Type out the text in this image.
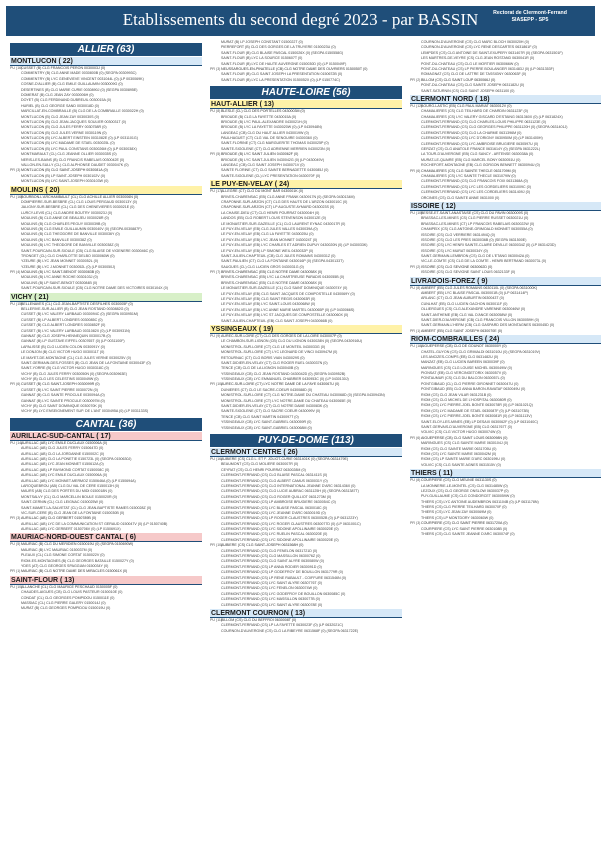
Etablissements du second degré 2023 - par BASSIN	Rectorat de Clermont-Ferrand
SIASEPP - SP5
ALLIER (63)
MONTLUCON ( 22)
PU (16)
CUSSET (B) CLG FRANCOIS PERON 0030003J (0)
COMMENTRY (B) CLG ANNE MADE 0030800B (0) (SEGPA 0030993C)
COMMENTRY (B) LYC GENEVIEVE VINCENT 0031044L (0) (LP 0030069K)
COSNE-D'ALLIER (B) CLG EMILE GUILLAUMIN 0030009G (0)
DESERTINES (B) CLG MARIE CURIE 0030890J (0) (SEGPA 0030895E)
DOMERAT (B) CLG JEAN ZAY 0030006H (0)
DOYET (B) CLG FERDINAND DUBREUIL 0030015A (0)
HURIEL (B) CLG GEORGE SAND 0030018D (0)
MARCILLAT-EN-COMBRAILLE (B) CLG DE LA COMBRAILLE 0030022H (0)
MONTLUCON (B) CLG JEAN ZAY 0030030S (0)
MONTLUCON (B) CLG JEAN-JACQUES SOULIER 0030031T (0)
MONTLUCON (B) CLG JULES FERRY 0030758R (0)
MONTLUCON (B) CLG JULES VERNE 0030119N (0)
MONTLUCON (B) LYC ALBERT EINSTEIN 0031082E (0) (LP 0031101G)
MONTLUCON (B) LYC MADAME DE STAEL 0030025L (0)
MONTLUCON (B) LYC PAUL CONSTANS 0030026M (0) (LP 0030038X)
MONTMARAULT (CL) CLG JEANNE OLLIER 0030035S (0)
NERIS-LES-BAINS (B) CLG FRANCIS RABELAIS 0030042E (0)
VALLON-EN-SULLY (CL) CLG ALPHONSE DAUDET 0030047K (0)
PR (3) MONTLUCON (B) CLG SAINT-JOSEPH 0030081A (0)
MONTLUCON (B) LP SAINT-JOSEPH 0030102V (0)
MONTLUCON (B) LYC SAINT-JOSEPH 0030103W (0)
MOULINS ( 20)
PU (16)
BOURBON-L'ARCHAMBAULT (CL) CLG ACHILLE ALLIER 0030006N (0)
DOMPIERRE-SUR-BESBRE (CL) CLG LOUIS PERGAUD 0030013Y (0)
JALIGNY-SUR-BESBRE (CL) CLG DES CHENEVIERES 0030021E (0)
LURCY-LEVIS (CL) CLG ANDRE BOUTRY 0030023J (0)
MOULINS (B) CLG ANNE DE BEAUJEU 0030028R (0)
MOULINS (B) CLG CHARLES PEGUY 0030039B (0)
MOULINS (B) CLG EMILE GUILLAUMIN 0030040V (0) (SEGPA 0030887F)
MOULINS (B) CLG THEODORE DE BANVILLE 0030036Y (0)
MOULINS (B) LYC BANVILLE 0030038Z (0)
MOULINS (B) LYC THEODORE DE BANVILLE 0030038Z (0)
SAINT-POURCAIN-SUR-SIOULE (CB) CLG BLAISE DE VIGENERE 0030046C (0)
TRONGET (CL) CLG CHARLOTTE DELBO 0030060W (0)
YZEURE (B) LYC JEAN MONNET 0030052L (0)
YZEURE (B) LYC J.MONNET 0030052L (0) (LP 0030050J)
PR (4) MOULINS (B) LYC SAINT-BENOIT 0030083B (0)
MOULINS (B) LYC ANNE ROCHE 0030103J (0)
MOULINS (B) LP SAINT-BENOIT 0030084B (0)
SAINT-POURCAIN-SUR-SIOULE (CB) CLG NOTRE DAME DES VICTOIRES 0030104X (0)
VICHY ( 21)
PU (15)
BELLENAVES (CL) CLG JEAN-BAPTISTE DESFILHES 0030005F (0)
BELLERIVE-SUR-ALLIER (B) CLG JEAN ROSTAND 0030882G (0)
CUSSET (B) LYC VALERY LARBAUD 0030094C (0) (SEGPA 0030951M)
CUSSET (B) LP ALBERT LONDRES 0030085C (0)
CUSSET (B) CLG ALBERT LONDRES 0030852F (0)
CUSSET (B) LYC VALERY LARBAUD 0031082X (0) (LP 0030931N)
GANNAT (B) CLG JOSEPH-HENNEQUIN 0030017B (0)
GANNAT (B) LP GUSTAVE EIFFEL 0030765T (0) (LP 0031100F)
LAPALISSE (B) CLG LUCIEN COLON 0030091Y (0)
LE DONJON (B) CLG VICTOR HUGO 0030011T (0)
LE MAYET-DE-MONTAGNE (CL) CLG JULES VERNE 0030025V (0)
SAINT-GERMAIN-DES-FOSSES (B) CLG JEAN DE LA FONTAINE 0030043F (0)
SAINT-YORRE (B) CLG VICTOR HUGO 0030318C (0)
VICHY (B) CLG JULES FERRY 0030050N (0) (SEGPA 0030963E)
VICHY (B) CLG LES CELESTINS 0030049W (0)
PR (6) CUSSET (B) CLG SAINT-JOSEPH 0030099R (0)
CUSSET (B) LYC SAINT PIERRE 0030072N (0)
GANNAT (B) CLG SAINTE PROCULE 0030094A (0)
GANNAT (B) LYC SAINTE PROCULE 0030097M (0)
VICHY (B) CLG SAINT DOMINIQUE 0030070K (0)
VICHY (B) LYC ENSEIGNEMENT SUP. DE L'ANT 0030495A (0) (LP 0031133S)
CANTAL (36)
AURILLAC-SUD-CANTAL ( 17)
PU (14)
AURILLAC (AB) LYC EMILE DUCLAUX 0150006A (0)
AURILLAC (AB) CLG JULES FERRY 0150647D (0)
AURILLAC (AB) CLG LA JORDANNE 0150002C (0)
AURILLAC (AB) CLG LA PONETIE 0150723L (0) (SEGPA 0150630J)
AURILLAC (AB) LYC JEAN MONNET 0150612A (0)
AURILLAC (AB) LP RAYMOND CORTAT 0150008C (0)
AURILLAC (AB) LYC EMILE DUCLAUX 0150006A (0)
AURILLAC (AB) LYC MONNET-MERMOZ 0150646A (0) (LP 0150694A)
LAROQUEBROU (AB) CLG DU VAL DE CERE 0150013H (0)
MAURS (AB) CLG DES PORTES DU MIDI 0150018N (0)
MONTSALVY (CL) CLG MARCELLIN BOULE 0150020R (0)
SAINT-CERNIN (CL) CLG LEIGNAC 0150025W (0)
SAINT-MAMET-LA-SALVETAT (CL) CLG JEAN-BAPTISTE RAMES 0150028Z (0)
VIC-SUR-CERE (B) CLG JEAN DE LA FONTAINE 0150030B (0)
PR (3) AURILLAC (AB) CLG GERBERT 0150789B (0)
AURILLAC (AB) LYC DE LA COMMUNICATION ST GERAUD 0150047V (0) (LP 0150740B)
AURILLAC (AB) LYC GERBERT 0150706V (0) (LP 0150691X)
MAURIAC-NORD-OUEST CANTAL ( 6)
PU (5) MAURIAC (B) CLG DU MERIDIEN 0150019U (0) (SEGPA 0150690W)
MAURIAC (B) LYC MAURIAC 0150037M (0)
PLEAUX (CL) CLG SIMONE CORTAT 0150022V (0)
RIOM-ES-MONTAGNES (B) CLG GEORGES BATAILLE 0150027Y (0)
YDES (AT) CLG GEORGES SPAGGIAN 0150034Y (0)
PR (1) MAURIAC (B) CLG NOTRE DAME DES MIRACLES 0150061X (0)
SAINT-FLOUR ( 13)
PU (10)
ALLANCHE (CL) CLG MAURICE PESCHAUD 0150005F (0)
CHAUDES-AIGUES (CB) CLG LOUIS PASTEUR 0150010E (0)
CONDAT (CL) CLG GEORGES POMPIDOU 0150011E (0)
MASSIAC (CL) CLG PIERRE GALERY 0150014J (0)
MURAT (B) CLG GEORGES POMPIDOU 0150019U (0)
MURAT (B) LP JOSEPH CONSTANT 0150022T (0)
PIERREFORT (B) CLG DES GORGES DE LA TRUYERE 0150023U (0)
SAINT-FLOUR (B) CLG BLAISE PASCAL 0150026X (0) (SEGPA 0150558G)
SAINT-FLOUR (B) LYC LA SOURCE 0150607T (0)
SAINT-FLOUR (B) LYC DE HAUTE AUVERGNE 0150030D (0) (LP 0150049F)
PR (3) NEUSSARGUES-EN-PINATELLE (CB) CLG NOTRE DAME DES OUVRIERS 0150050T (0)
SAINT-FLOUR (B) CLG SAINT JOSEPH LA PRESENTATION 0150672B (0)
SAINT-FLOUR (B) LYC LA PRESENTATION 0150052X (0) (LP 0150774C)
HAUTE-LOIRE (56)
HAUT-ALLIER ( 13)
PU (8) BLESLE (CL) CLG DES PORTELLES 0430003M (0)
BRIOUDE (B) CLG LA FAYETTE 0430015A (0)
BRIOUDE (B) LYC PAUL-ALEXANDRE 0430021H (0)
BRIOUDE (B) LYC LA FAYETTE 0430020W (0) (LP 0430948N)
LANGEAC (CB) CLG DU HAUT ALLIER 0430019W (0)
PAULHAGUET (CT) CLG VAL DE SENOUIRE 0430036X (0)
SAINT-FLORINE (CT) CLG MARGUERITE THOMAS 0430025P (0)
SAINTE-SIGOLENE (CT) CLG ADRIENNE MERRIEN 0430023N (0)
PR (5) BRIOUDE (B) LYC SAINT JULIEN 0430062F (0)
BRIOUDE (B) LYC SAINT-JULIEN 0430042G (0) (LP 0430049V)
LANGEAC (CB) CLG SAINT JOSEPH 0430071V (0)
SAINTE FLORINE (CT) CLG SAINTE BERNADETTE 0430085J (0)
SAINTE-SIGOLENE (CL) LYC PRESENTATION 0430070F (0)
LE PUY-EN-VELAY ( 24)
PU (17)
ALLEGRE (CT) CLG DU MONT BAR 0430001K (0)
BRIVES-CHARENSAC (EB) CLG ANNE FRANK 0430917N (0) (SEGPA 0430134M)
CRAPONNE-SUR-ARZON (CT) CLG DES HAUTS DE L'ARZON 0430010C (0)
CRAPONNE-SUR-ARZON (CT) LP AUGUSTE AYMARD 0430023S (0)
LA CHAISE-DIEU (CT) CLG HENRI POURRAT 0430004H (0)
LANDOS (EB) CLG ROBERT LOUIS STEVENSON 0430012E (0)
LE MONASTIER-SUR-GAZEILLE (CL) CLG LAURENT EYNAC 0430017R (0)
LE PUY-EN-VELAY (EB) CLG JULES VALLES 0430039A (0)
LE PUY-EN-VELAY (EB) CLG LA FAYETTE 0430025U (0)
LE PUY-EN-VELAY (EB) LYC JEAN MONNET 0430024T (0)
LE PUY-EN-VELAY (EB) LYC CHARLES ET ADRIEN DUPUY 0430020N (0) (LP 0430033K)
LE PUY-EN-VELAY (EB) LP SIMONE WEIL 0430032P (0)
SAINT-JULIEN-CHAPTEUIL (CB) CLG JULES ROMAINS 0430031Z (0)
SAINT-PAULIEN (CT) CLG LA FONTAINE 0430016P (0) (SEGPA 0430133T)
SAUGUES (CL) CLG LUCIEN GROS 0430031G (0)
PR (7) BRIVES-CHARENSAC (EB) CLG NOTRE DAME 0430058X (0)
BRIVES-CHARENSAC (EB) LYC LA CHARTREUSE PARADIS 0430055B (0)
BRIVES-CHARENSAC (EB) CLG NOTRE DAME 0430068X (0)
LE MONASTIER-SUR-GAZEILLE (CL) CLG SAINT DOMINIQUE 0430074Y (0)
LE PUY-EN-VELAY (EB) CLG SAINT JACQUES DE COMPOSTELLE 0430069Y (0)
LE PUY-EN-VELAY (EB) CLG SAINT REGIS 0430063R (0)
LE PUY-EN-VELAY (EB) LYC SAINT-LOUIS 0430068W (0)
LE PUY-EN-VELAY (EB) LYC ANNE MARIE MARTEL 0430065P (0) (LP 0430066S)
LE PUY-EN-VELAY (EB) LYC ST JACQUES DE COMPOSTELLE 0430060X (0)
SAINT-JULIEN-CHAPTEUIL (EB) CLG SAINT JOSEPH 0430066B (0)
YSSINGEAUX ( 19)
PU (9) AUREC-SUR-LOIRE (CT) CLG DES GORGES DE LA LOIRE 0430007P (0)
LE CHAMBON-SUR-LIGNON (CB) CLG DU LIGNON 0430028N (0) (SEGPA 0430916U)
MONISTROL-SUR-LOIRE (CT) CLG LE MONTEIL 0430033G (0)
MONISTROL-SUR-LOIRE (CT) LYC LEONARD DE VINCI 0430947M (0)
RETOURNAC (CT) CLG BORIS VIAN 0430029S (0)
SAINT-DIDIER-EN-VELAY (CT) CLG ROGER RUEL 0430037N (0)
TENCE (CB) CLG DE LA LIGNON 0430040B (0)
YSSINGEAUX (CB) CLG JEAN ROSTAND 0430042D (0) (SEGPA 0430952B)
YSSINGEAUX (CB) LYC EMMANUEL CHABRIER 0430953C (0) (LP 0430130J)
PR (10)
AUREC-SUR-LOIRE (CT) LYC NOTRE DAME DE LA FAYE 0430067U (0)
DUNIERES (CT) CLG LE SACRE-COEUR 0430088D (0)
MONISTROL-SUR-LOIRE (CT) CLG NOTRE-DAME DU CHATEAU 0430068D (0) (SEGPA 0430943N)
MONISTROL-SUR-LOIRE (CT) LYC NOTRE-DAME DU CHATEAU 0430065E (0)
SAINT-DIDIER-EN-VELAY (CT) CLG NOTRE DAME 0430083K (0)
SAINTE-SIGOLENE (CT) CLG SACRE COEUR 0430099V (0)
TENCE (CB) CLG SAINT MARTIN 0430097T (0)
YSSINGEAUX (CB) LYC SAINT-GABRIEL 0430059R (0)
YSSINGEAUX (CB) LYC SAINT-GABRIEL 0430068M (0)
PUY-DE-DOME (113)
CLERMONT CENTRE ( 26)
PU (16)
AUBIERE (CS) CLG L. ET F. JOLIOT-CURIE 0631401K (0) (SEGPA 0631479E)
BEAUMONT (CS) CLG MOLIERE 0630007R (0)
CEYRAT (CS) CLG HENRI POURRAT 0630028M (0)
CLERMONT-FERRAND (CS) CLG BLAISE PASCAL 0631411S (0)
CLERMONT-FERRAND (CS) CLG ALBERT CAMUS 0630031Y (0)
CLERMONT-FERRAND (CS) CLG INTERNATIONAL JEANNE D'ARC 0631436X (0)
CLERMONT-FERRAND (CS) CLG LUCIE AUBRAC 0631125H (0) (SEGPA 0631387T)
CLERMONT-FERRAND (CS) CLG ROGER QUILLIOT 0631273M (0)
CLERMONT-FERRAND (CS) LP AMBROISE BRUGIERE 0630054C (0)
CLERMONT-FERRAND (CS) LYC BLAISE PASCAL 0630018C (0)
CLERMONT-FERRAND (CS) LYC JEANNE D'ARC 0630019D (0)
CLERMONT-FERRAND (CS) LP ROGER CLAUSTRES 0630052B (0) (LP 0631223Y)
CLERMONT-FERRAND (CS) LYC ROGER CLAUSTRES 0630077D (0) (LP 0631001C)
CLERMONT-FERRAND (CS) LYC SIDOINE APOLLINAIRE 0630020E (0)
CLERMONT-FERRAND (CS) LYC RUELIN PASCAL 0630020E (0)
CLERMONT-FERRAND (CS) LYC SIDOINE APOLLINAIRE 0630020E (0)
PR (10)
AUBIERE (CS) CLG SAINT-JOSEPH 0631568H (0)
CLERMONT-FERRAND (CS) CLG FENELON 0631721D (0)
CLERMONT-FERRAND (CS) CLG MASSILLON 0630076Z (0)
CLERMONT-FERRAND (CS) CLG SAINT ALYRE 0630080W (0)
CLERMONT-FERRAND (CS) LP ANNA RODIER 0630091D (0)
CLERMONT-FERRAND (CS) LP GODEFROY DE BOUILLON 0631779R (0)
CLERMONT-FERRAND (CS) LP RENE RABAULT - COIFFURE 0631546N (0)
CLERMONT-FERRAND (CS) LYC SAINT ALYRE 0630776T (0)
CLERMONT-FERRAND (CS) LYC FENELON 0630074W (0)
CLERMONT-FERRAND (CS) LYC GODEFROY DE BOUILLON 0630085C (0)
CLERMONT-FERRAND (CS) LYC MASSILLON 0630077B (0)
CLERMONT-FERRAND (CS) LYC SAINT ALYRE 0630078E (0)
CLERMONT COURNON ( 13)
PU (11)
BILLOM (CS) CLG DU BEFFROI 0630008T (0)
CLERMONT-FERRAND (CS) LP LA FAYETTE 0630023F (0) (LP 0632021C)
COURNON-D'AUVERGNE (CS) CLG LA RIBEYRE 0631568F (0) (SEGPA 0631722E)
COURNON-D'AUVERGNE (CS) CLG MARC BLOCH 0630020H (0)
COURNON-D'AUVERGNE (CS) LYC RENE DESCARTES 0631861F (0)
LEMPDES (CS) CLG ANTOINE DE SAINT-EXUPERY 0631407R (0) (SEGPA 0631501F)
LES MARTRES-DE-VEYRE (CS) CLG JEAN ROSTAND 0630041R (0)
PONT-DU-CHATEAU (CS) CLG LE MORTIER 0630066W (0)
PONT-DU-CHATEAU (CS) LP PIERRE BOULANGER 0631483J (0) (LP 0631353F)
ROMAGNAT (CS) CLG DE LATTRE DE TASSIGNY 0630063F (0)
PR (2) BILLOM (CS) CLG SAINT LOUP 0630066J (0)
PONT-DU-CHATEAU (CS) CLG SAINTE JOSEPH 0631182U (0)
SAINT-SATURNIN (CS) CLG SAINT JOSEPH 0631100 (0)
CLERMONT NORD ( 18)
PU (12)
BOURG-LASTIC (EB) CLG PAUL MARIAT 0630012V (0)
CHAMALIERES (CS) CLG TEILHARD DE CHARDIN 0631123F (0)
CHAMALIERES (CS) LYC VALERY GISCARD D'ESTAING 0631360X (0) (LP 0631824X)
CLERMONT-FERRAND (CS) CLG CHARLES-LOUIS PHILIPPE 0631123E (0)
CLERMONT-FERRAND (CS) CLG GEORGES PHILIPPE 0631120H (0) (SEGPA 0631401J)
CLERMONT-FERRAND (CS) CLG LA CHARME 0631396M (0)
CLERMONT-FERRAND (CS) LYC D'ORIGNY 0630950M (0) (LP 0631400H)
CLERMONT-FERRAND (CS) LYC AMBROISE BRUGIERE 0630597U (0)
GERZAT (CS) CLG ANATOLE FRANCE 0631614Y (0) (SEGPA 0631222L)
LA TOUR-D'AUVERGNE (EB) CLG SANCY - ARTENSE 0630038A (0)
MURAT-LE-QUAIRE (EB) CLG MARCEL BONY 0630051U (0)
ROCHEFORT-MONTAGNE (EB) CLG GORGON BENNETT 0630094U (0)
PR (6) CHAMALIERES (CS) CLG SAINTE THECLE 0631709M (0)
CHAMALIERES (CS) LYC SAINTE THECLE 0631079W (0)
CLERMONT-FERRAND (CS) CLG FRANCOIS FOIX 0631368A (0)
CLERMONT-FERRAND (CS) LYC LES GORDELIERS 0631009C (0)
CLERMONT-FERRAND (CS) LYC LES CORDELIERS 0631409J (0)
ORCINES (CS) CLG SAINTE ANNE 0631000 (0)
ISSOIRE ( 12)
PU (10)
BESSE-ET-SAINT-ANASTAISE (CS) CLG DU PAVIN 0630009S (0)
BRASSAC-LES-MINES (CS) CLG PIERRE RUSSET 0630021U (0)
BRASSAC-LES-MINES (CT) LP FRANCOIS RABELAIS 0630022W (0)
CHAMPEIX (CS) CLG ANTOINE-GRIMOALD MONNET 0630055A (0)
ISSOIRE (CS) CLG VERRIERE 0631494Q (0)
ISSOIRE (CS) CLG LES PRES 0630036B (0) (SEGPA 0631500E)
ISSOIRE (CS) LYC HENRI SAINTE-CLAIRE DEVILLE 0630034Z (0) (LP 0631423D)
ISSOIRE (CS) LYC MURAT 0630034Y (0)
SAINT-GERMAIN-LEMBRON (CS) CLG DE L'ETANG 0630042A (0)
VIC-LE-COMTE (CS) CLG DE LA COMTE - HENRI BERTRAND 0630073L (0)
PR (2) ISSOIRE (CS) CLG SEVIGNE 0630062D (0)
ISSOIRE (CS) CLG SEVIGNE SAINT LOUIS 0632133F (0)
LIVRADOIS-FOREZ ( 9)
PU (8) AMBERT (EB) CLG JULES ROMAINS 0630110L (0) (SEGPA 0631000K)
AMBERT (EB) LYC BLAISE PASCAL 0630001B (0) (LP 0631414P)
ARLANC (CT) CLG JEAN AUBURTIN 0630043T (0)
CUNLHAT (EB) CLG LUCIEN GACHON 0630011F (0)
OLLIERGUES (CS) CLG ALEXANDRE VARENNE 0630046W (0)
SAINT-ANTHEME (EB) CLG VAL D'ANCE 0630058W (0)
SAINT-DIER-D'AUVERGNE (CB) CLG FRANCOIS VILLON 0630059H (0)
SAINT-GERMAIN-L'HERM (CB) CLG GASPARD DES MONTAGNES 0630045D (0)
PR (1) AMBERT (EB) CLG SAINT JOSEPH 0630070E (0)
RIOM-COMBRAILLES ( 24)
PU (18)
AIGUEPERSE (CB) CLG DE GOUNOT 0630000Y (0)
CHATEL-GUYON (CS) CLG GRIMALDI 0631010U (0) (SEGPA 0631019V)
LES ANCIZES-COMPS (EB) CLG 0631482U (0)
MANZAT (EB) CLG LUCIEN BAREEN 0630039F (0)
MARINGUES (CS) CLG LOUISE MICHEL 0630049W (0)
PIONSAT (EB) CLG VERCINGETORIX 0630057V (0)
PONTAUMUR (CS) CLG DU BALCON 0630057L (0)
PONTGIBAUD (CL) CLG PIERRE GIRONNET 0630047U (0)
PONTGIBAUD (EB) CLG ANNA BARON-RAVATAF 0630049U (0)
RIOM (CS) CLG JEAN VILAR 0631231B (0)
RIOM (CS) CLG MICHEL DE L'HOSPITAL 0630080R (0)
RIOM (CS) LYC PIERRE-JOEL BONTE 0630078R (0) (LP 0631021Q)
RIOM (CS) LYC MADAME DE STAEL 0630087F (0) (LP 0631073B)
RIOM (CS) LYC PIERRE-JOEL BONTE 0630081R (0) (LP 0631113V)
SAINT-ELOY-LES-MINES (EB) LP DESAIX 0630062F (0) (LP 0631040C)
SAINT-GERVAIS-D'AUVERGNE (EB) CLG 0631767T (0)
VOLVIC (CS) CLG VICTOR HUGO 0630074W (0)
PR (6) AIGUEPERSE (CB) CLG SAINT LOUIS 0630098N (0)
MARINGUES (CS) CLG SAINTE MARIE 0630104J (0)
RIOM (CS) CLG SAINTE MARIE 0631705U (0)
RIOM (CS) LYC SAINTE MARIE 0630042M (0)
RIOM (CS) LP SAINTE MARIE D'ARC 0630199U (0)
VOLVIC (CS) CLG SAINTE AGNES 0631515V (0)
THIERS ( 11)
PU (8) COURPIERE (CS) CLG MEUNIE 0631130S (0)
LA MONNERIE-LE-MONTEL (CS) CLG 0631485W (0)
LEZOUX (CS) CLG GEORGE ONSLOW 0630037P (0)
PUY-GUILLAUME (CS) CLG CONDORCET 0630059W (0)
THIERS (CS) LYC ANTOINE AUDEMBRON 0631104B (0) (LP 0631178N)
THIERS (CS) CLG PIERRE TEILHARD 0630070F (0)
THIERS (CS) LYC JEAN ZAY 0630069M (0)
THIERS (CS) LP MONTDORY 0630060W (0)
PR (3) COURPIERE (CS) CLG SAINT PIERRE 0631720A (0)
COURPIERE (CS) LYC SAINT PIERRE 0630108B (0)
THIERS (CS) CLG SAINTE JEANNE D'ARC 0630074F (0)
